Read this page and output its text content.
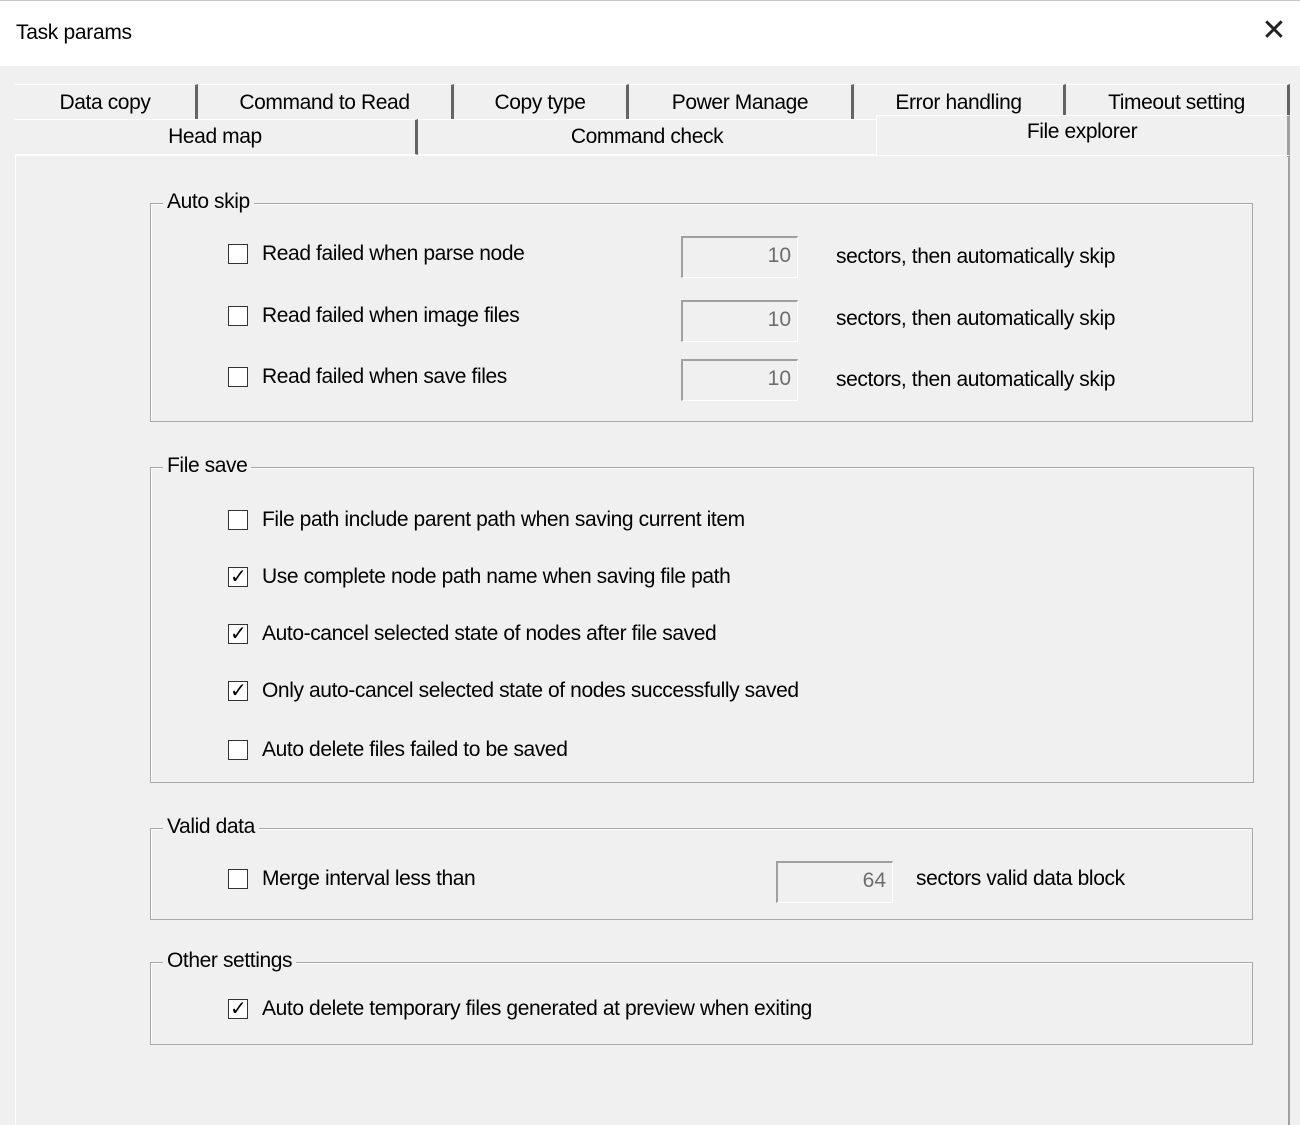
Task params	✕
Data copy	Command to Read	Copy type	Power Manage	Error handling	Timeout setting
Head map	Command check	File explorer
Auto skip
Read failed when parse node	10	sectors, then automatically skip
Read failed when image files	10	sectors, then automatically skip
Read failed when save files	10	sectors, then automatically skip
File save
File path include parent path when saving current item
✓ Use complete node path name when saving file path
✓ Auto-cancel selected state of nodes after file saved
✓ Only auto-cancel selected state of nodes successfully saved
Auto delete files failed to be saved
Valid data
Merge interval less than	64	sectors valid data block
Other settings
✓ Auto delete temporary files generated at preview when exiting
